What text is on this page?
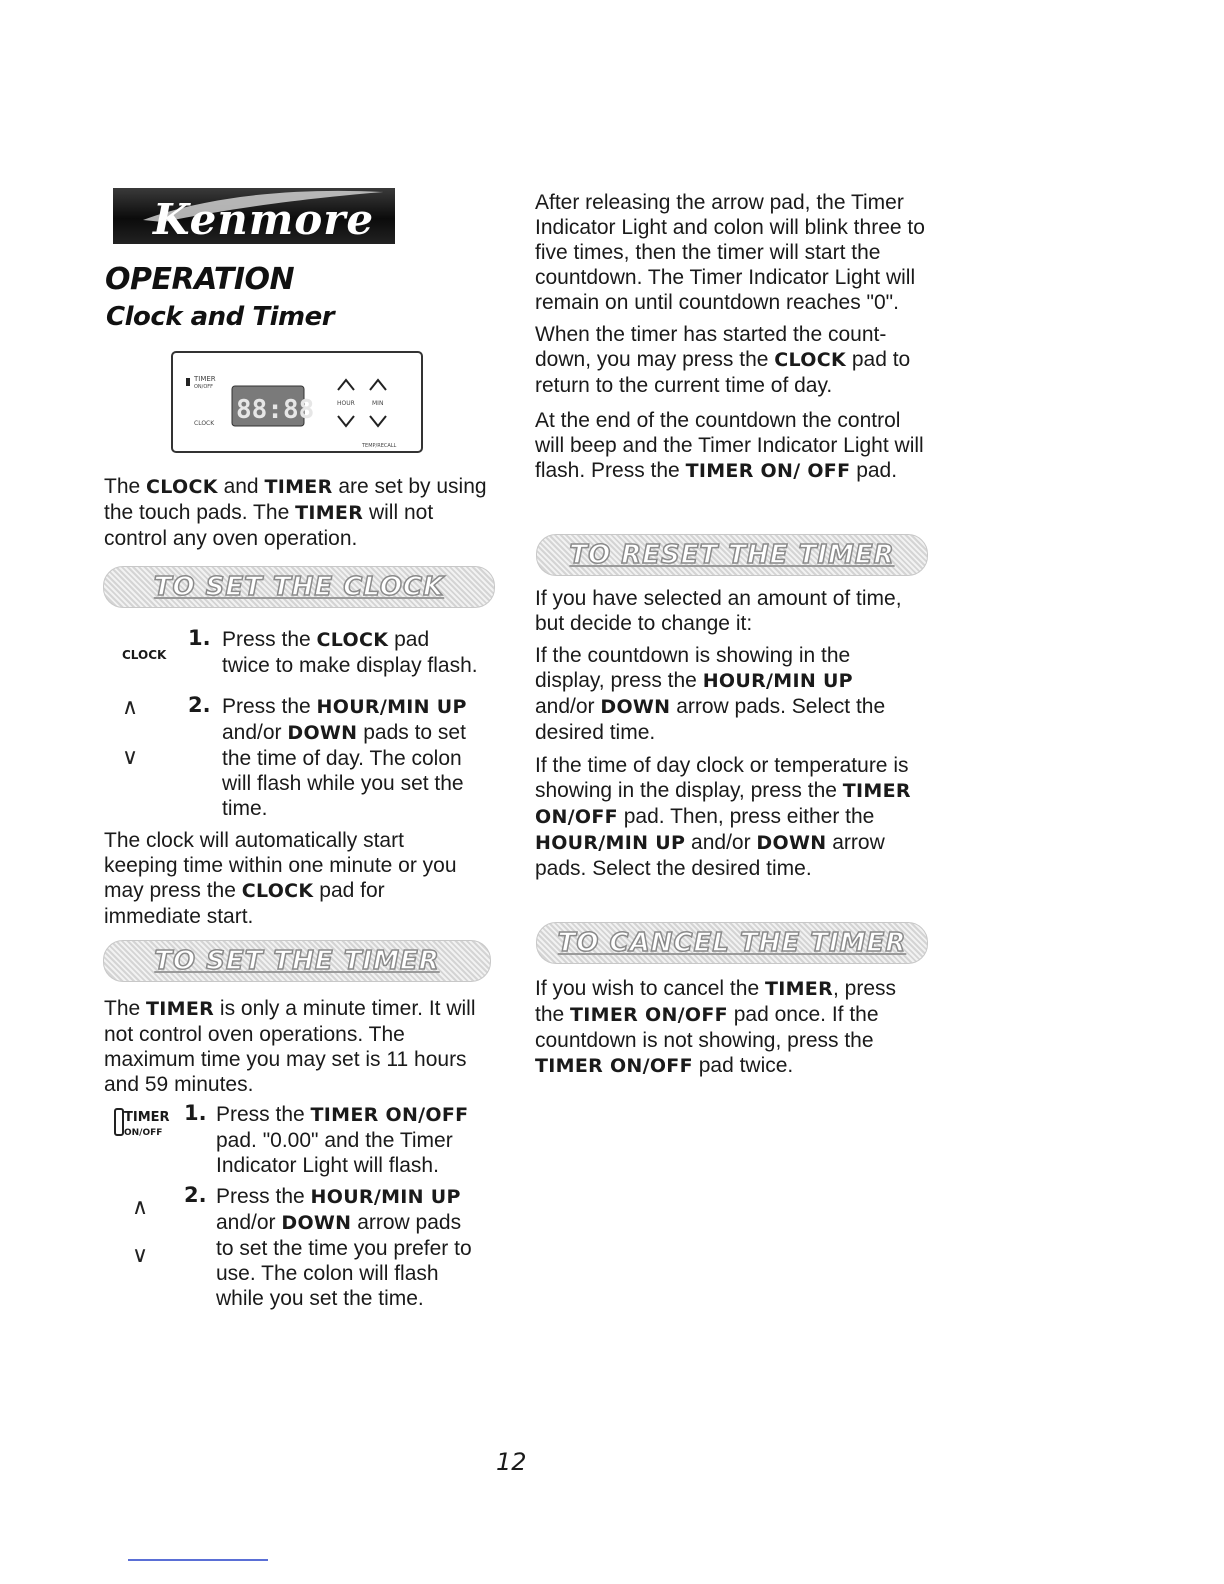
Kenmore
OPERATION
Clock and Timer
TIMER
ON/OFF
CLOCK 88:88	HOUR	MIN
TEMP/RECALL

The CLOCK and TIMER are set by using the touch pads. The TIMER will not control any oven operation.

TO SET THE CLOCK
CLOCK
1. Press the CLOCK pad
twice to make display flash.

∧
∨
2. Press the HOUR/MIN UP
and/or DOWN pads to set
the time of day. The colon
will flash while you set the
time.

The clock will automatically start keeping time within one minute or you may press the CLOCK pad for immediate start.

TO SET THE TIMER

The TIMER is only a minute timer. It will not control oven operations. The maximum time you may set is 11 hours and 59 minutes.

TIMER
ON/OFF
1. Press the TIMER ON/OFF
pad. "0.00" and the Timer
Indicator Light will flash.

∧
∨
2. Press the HOUR/MIN UP
and/or DOWN arrow pads
to set the time you prefer to
use. The colon will flash
while you set the time.

After releasing the arrow pad, the Timer Indicator Light and colon will blink three to five times, then the timer will start the countdown. The Timer Indicator Light will remain on until countdown reaches "0".

When the timer has started the count-down, you may press the CLOCK pad to return to the current time of day.

At the end of the countdown the control will beep and the Timer Indicator Light will flash. Press the TIMER ON/ OFF pad.

TO RESET THE TIMER

If you have selected an amount of time, but decide to change it:

If the countdown is showing in the display, press the HOUR/MIN UP and/or DOWN arrow pads. Select the desired time.

If the time of day clock or temperature is showing in the display, press the TIMER ON/OFF pad. Then, press either the HOUR/MIN UP and/or DOWN arrow pads. Select the desired time.

TO CANCEL THE TIMER

If you wish to cancel the TIMER, press the TIMER ON/OFF pad once. If the countdown is not showing, press the TIMER ON/OFF pad twice.

12
